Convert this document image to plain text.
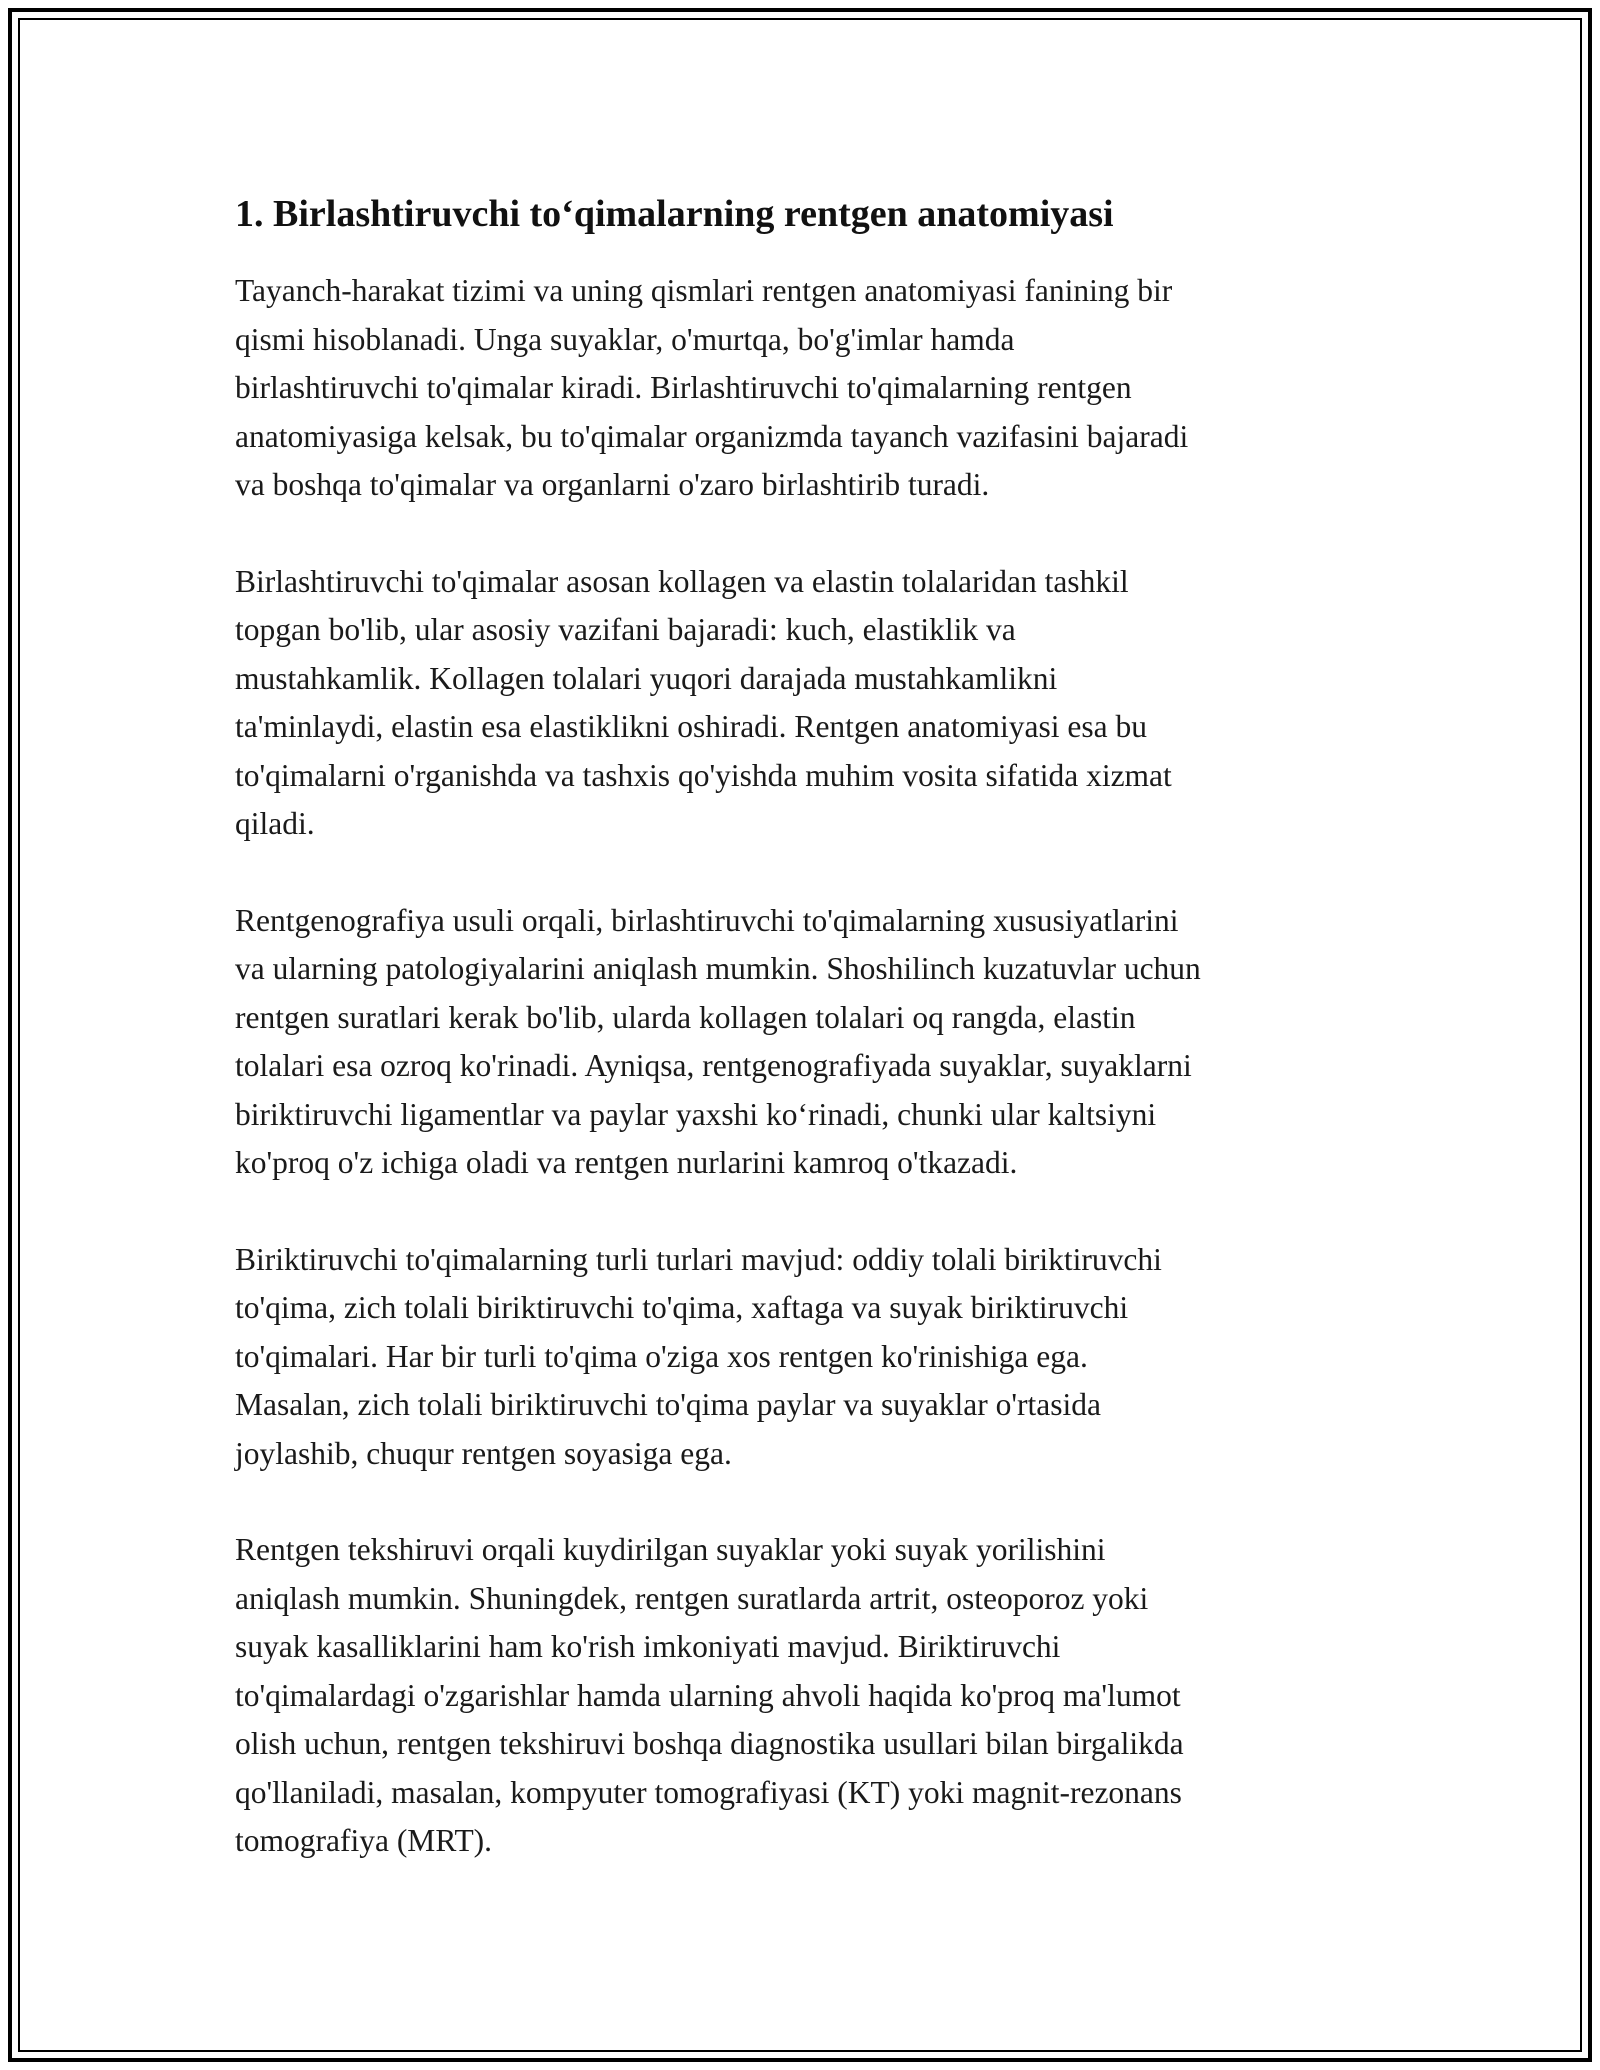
1. Birlashtiruvchi to‘qimalarning rentgen anatomiyasi

Tayanch-harakat tizimi va uning qismlari rentgen anatomiyasi fanining bir
qismi hisoblanadi. Unga suyaklar, o'murtqa, bo'g'imlar hamda
birlashtiruvchi to'qimalar kiradi. Birlashtiruvchi to'qimalarning rentgen
anatomiyasiga kelsak, bu to'qimalar organizmda tayanch vazifasini bajaradi
va boshqa to'qimalar va organlarni o'zaro birlashtirib turadi.

Birlashtiruvchi to'qimalar asosan kollagen va elastin tolalaridan tashkil
topgan bo'lib, ular asosiy vazifani bajaradi: kuch, elastiklik va
mustahkamlik. Kollagen tolalari yuqori darajada mustahkamlikni
ta'minlaydi, elastin esa elastiklikni oshiradi. Rentgen anatomiyasi esa bu
to'qimalarni o'rganishda va tashxis qo'yishda muhim vosita sifatida xizmat
qiladi.

Rentgenografiya usuli orqali, birlashtiruvchi to'qimalarning xususiyatlarini
va ularning patologiyalarini aniqlash mumkin. Shoshilinch kuzatuvlar uchun
rentgen suratlari kerak bo'lib, ularda kollagen tolalari oq rangda, elastin
tolalari esa ozroq ko'rinadi. Ayniqsa, rentgenografiyada suyaklar, suyaklarni
biriktiruvchi ligamentlar va paylar yaxshi ko‘rinadi, chunki ular kaltsiyni
ko'proq o'z ichiga oladi va rentgen nurlarini kamroq o'tkazadi.

Biriktiruvchi to'qimalarning turli turlari mavjud: oddiy tolali biriktiruvchi
to'qima, zich tolali biriktiruvchi to'qima, xaftaga va suyak biriktiruvchi
to'qimalari. Har bir turli to'qima o'ziga xos rentgen ko'rinishiga ega.
Masalan, zich tolali biriktiruvchi to'qima paylar va suyaklar o'rtasida
joylashib, chuqur rentgen soyasiga ega.

Rentgen tekshiruvi orqali kuydirilgan suyaklar yoki suyak yorilishini
aniqlash mumkin. Shuningdek, rentgen suratlarda artrit, osteoporoz yoki
suyak kasalliklarini ham ko'rish imkoniyati mavjud. Biriktiruvchi
to'qimalardagi o'zgarishlar hamda ularning ahvoli haqida ko'proq ma'lumot
olish uchun, rentgen tekshiruvi boshqa diagnostika usullari bilan birgalikda
qo'llaniladi, masalan, kompyuter tomografiyasi (KT) yoki magnit-rezonans
tomografiya (MRT).
